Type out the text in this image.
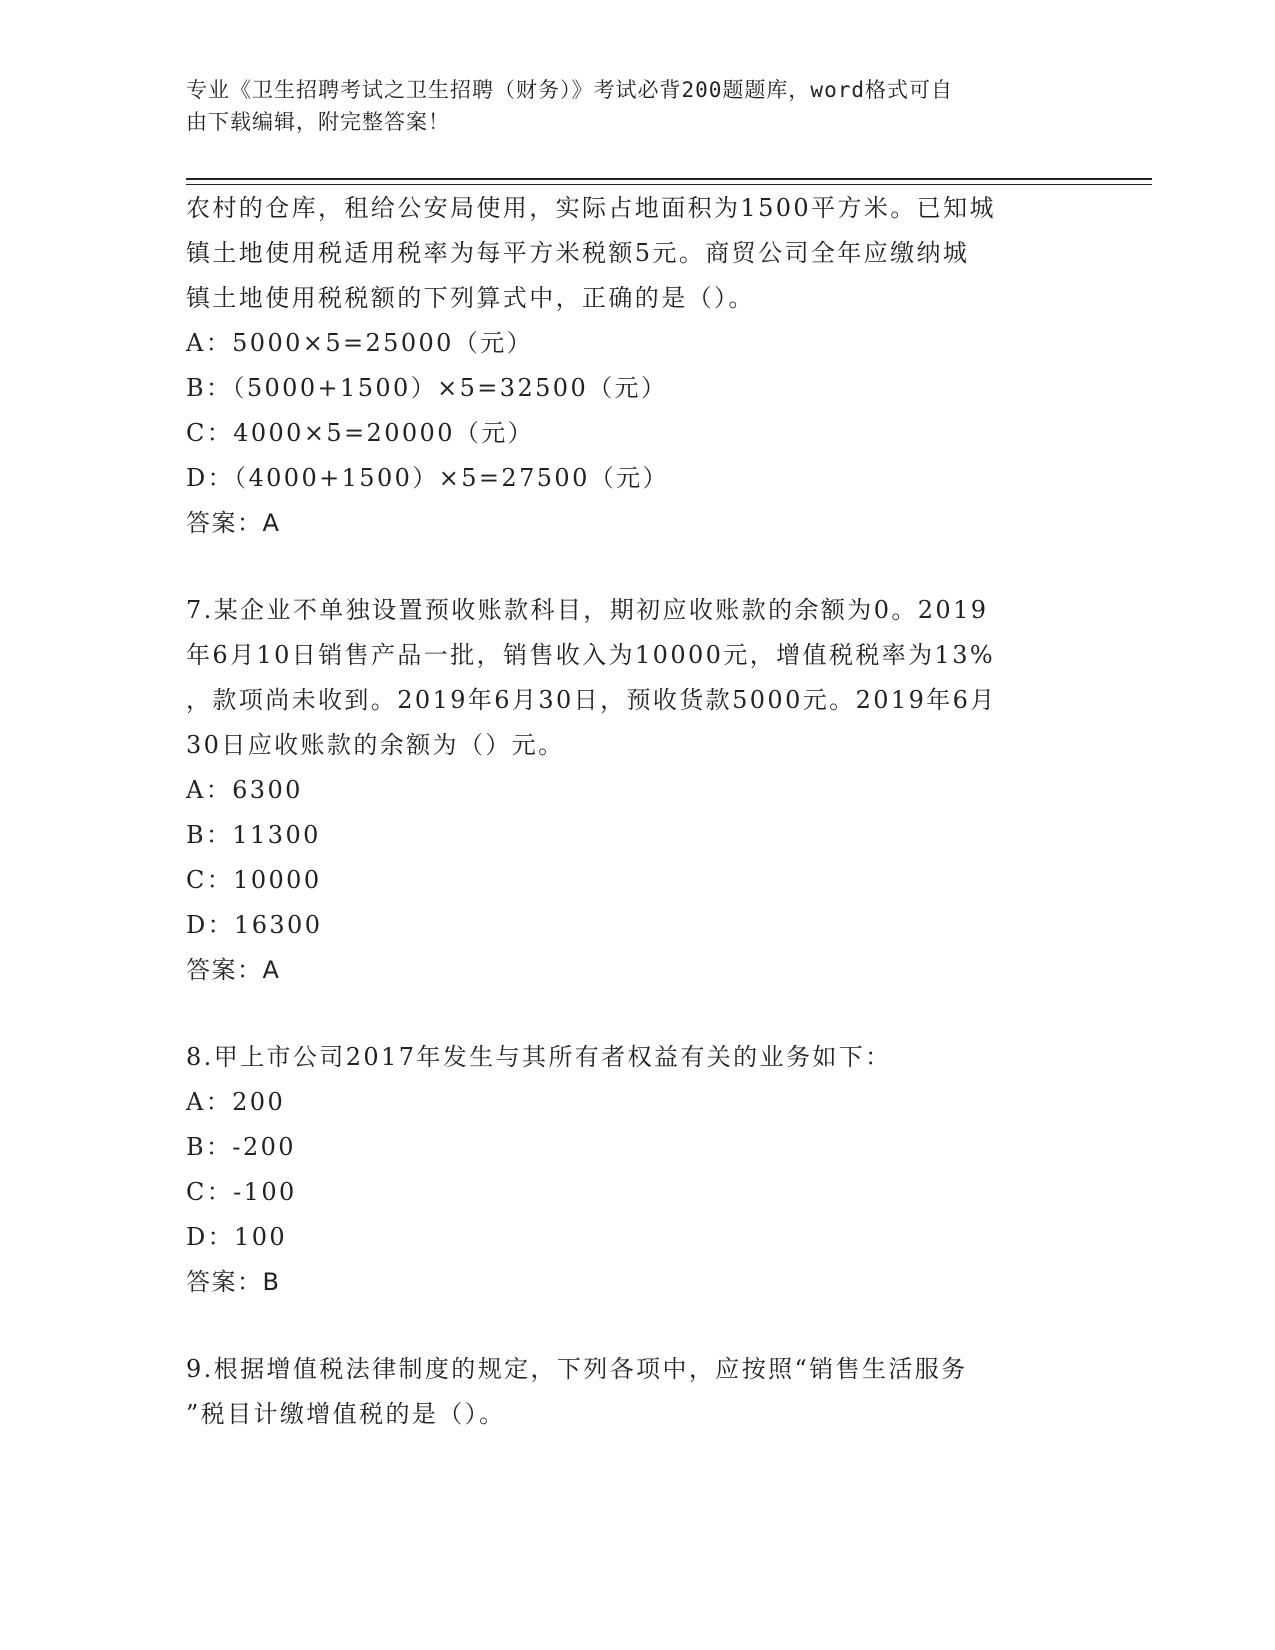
专业《卫生招聘考试之卫生招聘（财务）》考试必背200题题库，word格式可自
由下载编辑，附完整答案！

农村的仓库，租给公安局使用，实际占地面积为1500平方米。已知城

镇土地使用税适用税率为每平方米税额5元。商贸公司全年应缴纳城

镇土地使用税税额的下列算式中，正确的是（）。

A：5000×5=25000（元）

B：（5000+1500）×5=32500（元）

C：4000×5=20000（元）

D：（4000+1500）×5=27500（元）

答案：A

7.某企业不单独设置预收账款科目，期初应收账款的余额为0。2019

年6月10日销售产品一批，销售收入为10000元，增值税税率为13%

，款项尚未收到。2019年6月30日，预收货款5000元。2019年6月

30日应收账款的余额为（）元。

A：6300

B：11300

C：10000

D：16300

答案：A

8.甲上市公司2017年发生与其所有者权益有关的业务如下：

A：200

B：-200

C：-100

D：100

答案：B

9.根据增值税法律制度的规定，下列各项中，应按照“销售生活服务

”税目计缴增值税的是（）。
